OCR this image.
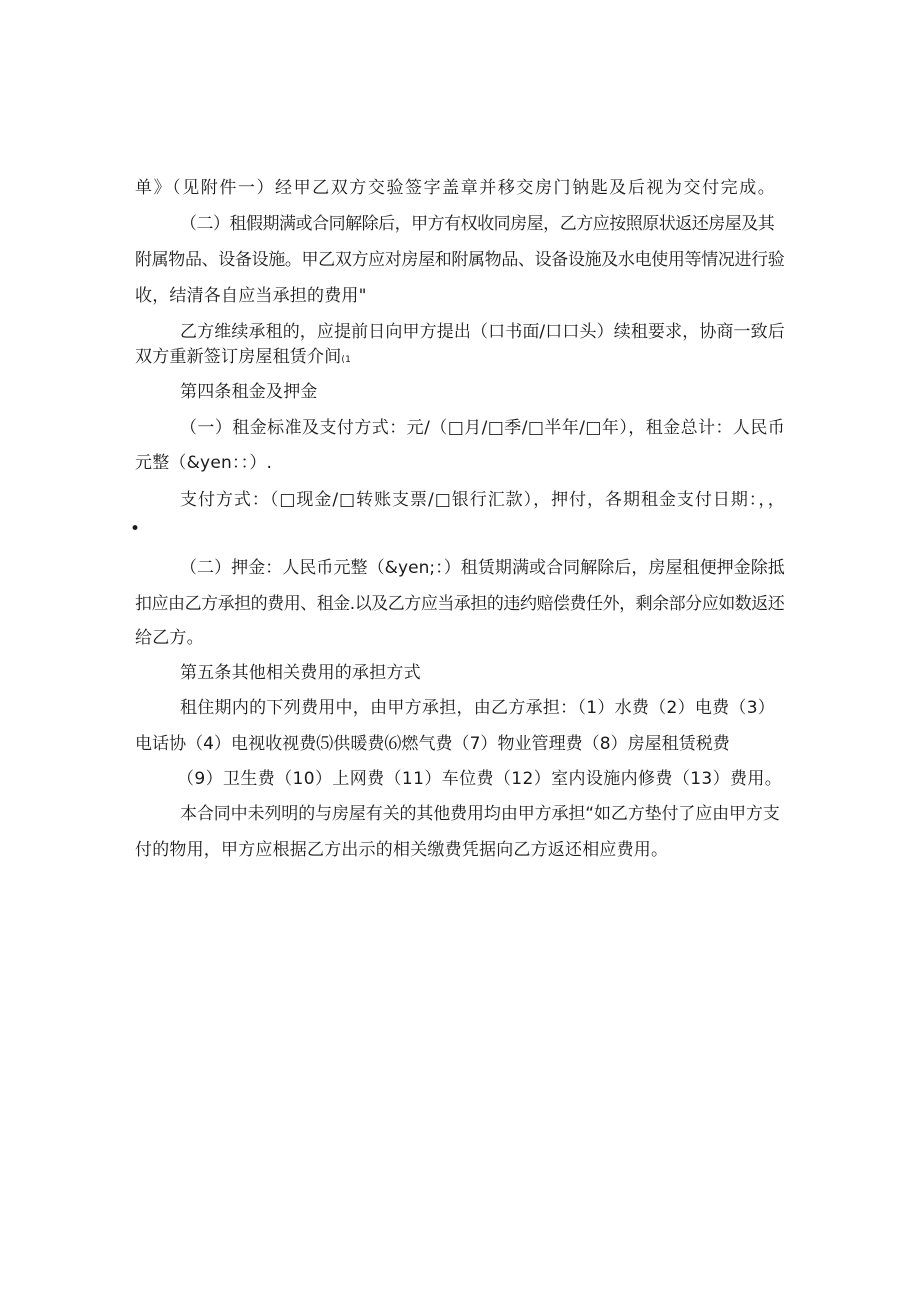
单》（见附件一）经甲乙双方交验签字盖章并移交房门钠匙及后视为交付完成。
（二）租假期满或合同解除后，甲方有权收同房屋，乙方应按照原状返还房屋及其
附属物品、设备设施。甲乙双方应对房屋和附属物品、设备设施及水电使用等情况进行验
收，结清各自应当承担的费用"
乙方维续承租的，应提前日向甲方提出（口书面/口口头）续租要求，协商一致后
双方重新签订房屋租赁介间(1
第四条租金及押金
（一）租金标准及支付方式：元/（□月/□季/□半年/□年），租金总计：人民币
元整（&yen：：）.
支付方式：（□现金/□转账支票/□银行汇款），押付，各期租金支付日期：，，
•
（二）押金：人民币元整（&yen;：）租赁期满或合同解除后，房屋租便押金除抵
扣应由乙方承担的费用、租金.以及乙方应当承担的违约赔偿费任外，剩余部分应如数返还
给乙方。
第五条其他相关费用的承担方式
租住期内的下列费用中，由甲方承担，由乙方承担：（1）水费（2）电费（3）
电话协（4）电视收视费⑸供暖费⑹燃气费（7）物业管理费（8）房屋租赁税费
（9）卫生费（10）上网费（11）车位费（12）室内设施内修费（13）费用。
本合同中未列明的与房屋有关的其他费用均由甲方承担“如乙方垫付了应由甲方支
付的物用，甲方应根据乙方出示的相关缴费凭据向乙方返还相应费用。
